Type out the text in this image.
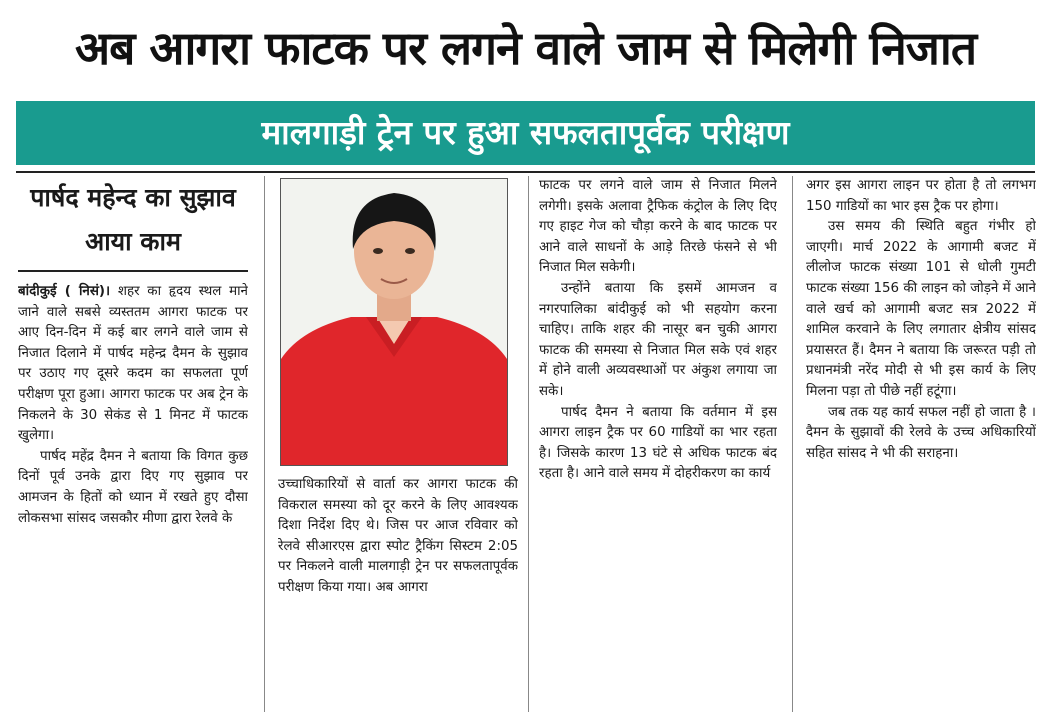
अब आगरा फाटक पर लगने वाले जाम से मिलेगी निजात
मालगाड़ी ट्रेन पर हुआ सफलतापूर्वक परीक्षण
पार्षद महेन्द का सुझाव आया काम

बांदीकुई ( निसं)। शहर का हृदय स्थल माने जाने वाले सबसे व्यस्ततम आगरा फाटक पर आए दिन-दिन में कई बार लगने वाले जाम से निजात दिलाने में पार्षद महेन्द्र दैमन के सुझाव पर उठाए गए दूसरे कदम का सफलता पूर्ण परीक्षण पूरा हुआ। आगरा फाटक पर अब ट्रेन के निकलने के 30 सेकंड से 1 मिनट में फाटक खुलेगा।

पार्षद महेंद्र दैमन ने बताया कि विगत कुछ दिनों पूर्व उनके द्वारा दिए गए सुझाव पर आमजन के हितों को ध्यान में रखते हुए दौसा लोकसभा सांसद जसकौर मीणा द्वारा रेलवे के

उच्चाधिकारियों से वार्ता कर आगरा फाटक की विकराल समस्या को दूर करने के लिए आवश्यक दिशा निर्देश दिए थे। जिस पर आज रविवार को रेलवे सीआरएस द्वारा स्पोट ट्रैकिंग सिस्टम 2:05 पर निकलने वाली मालगाड़ी ट्रेन पर सफलतापूर्वक परीक्षण किया गया। अब आगरा

फाटक पर लगने वाले जाम से निजात मिलने लगेगी। इसके अलावा ट्रैफिक कंट्रोल के लिए दिए गए हाइट गेज को चौड़ा करने के बाद फाटक पर आने वाले साधनों के आड़े तिरछे फंसने से भी निजात मिल सकेगी।

उन्होंने बताया कि इसमें आमजन व नगरपालिका बांदीकुई को भी सहयोग करना चाहिए। ताकि शहर की नासूर बन चुकी आगरा फाटक की समस्या से निजात मिल सके एवं शहर में होने वाली अव्यवस्थाओं पर अंकुश लगाया जा सके।

पार्षद दैमन ने बताया कि वर्तमान में इस आगरा लाइन ट्रैक पर 60 गाडियों का भार रहता है। जिसके कारण 13 घंटे से अधिक फाटक बंद रहता है। आने वाले समय में दोहरीकरण का कार्य

अगर इस आगरा लाइन पर होता है तो लगभग 150 गाडियों का भार इस ट्रैक पर होगा।

उस समय की स्थिति बहुत गंभीर हो जाएगी। मार्च 2022 के आगामी बजट में लीलोज फाटक संख्या 101 से धोली गुमटी फाटक संख्या 156 की लाइन को जोड़ने में आने वाले खर्च को आगामी बजट सत्र 2022 में शामिल करवाने के लिए लगातार क्षेत्रीय सांसद प्रयासरत हैं। दैमन ने बताया कि जरूरत पड़ी तो प्रधानमंत्री नरेंद मोदी से भी इस कार्य के लिए मिलना पड़ा तो पीछे नहीं हटूंगा।

जब तक यह कार्य सफल नहीं हो जाता है । दैमन के सुझावों की रेलवे के उच्च अधिकारियों सहित सांसद ने भी की सराहना।
